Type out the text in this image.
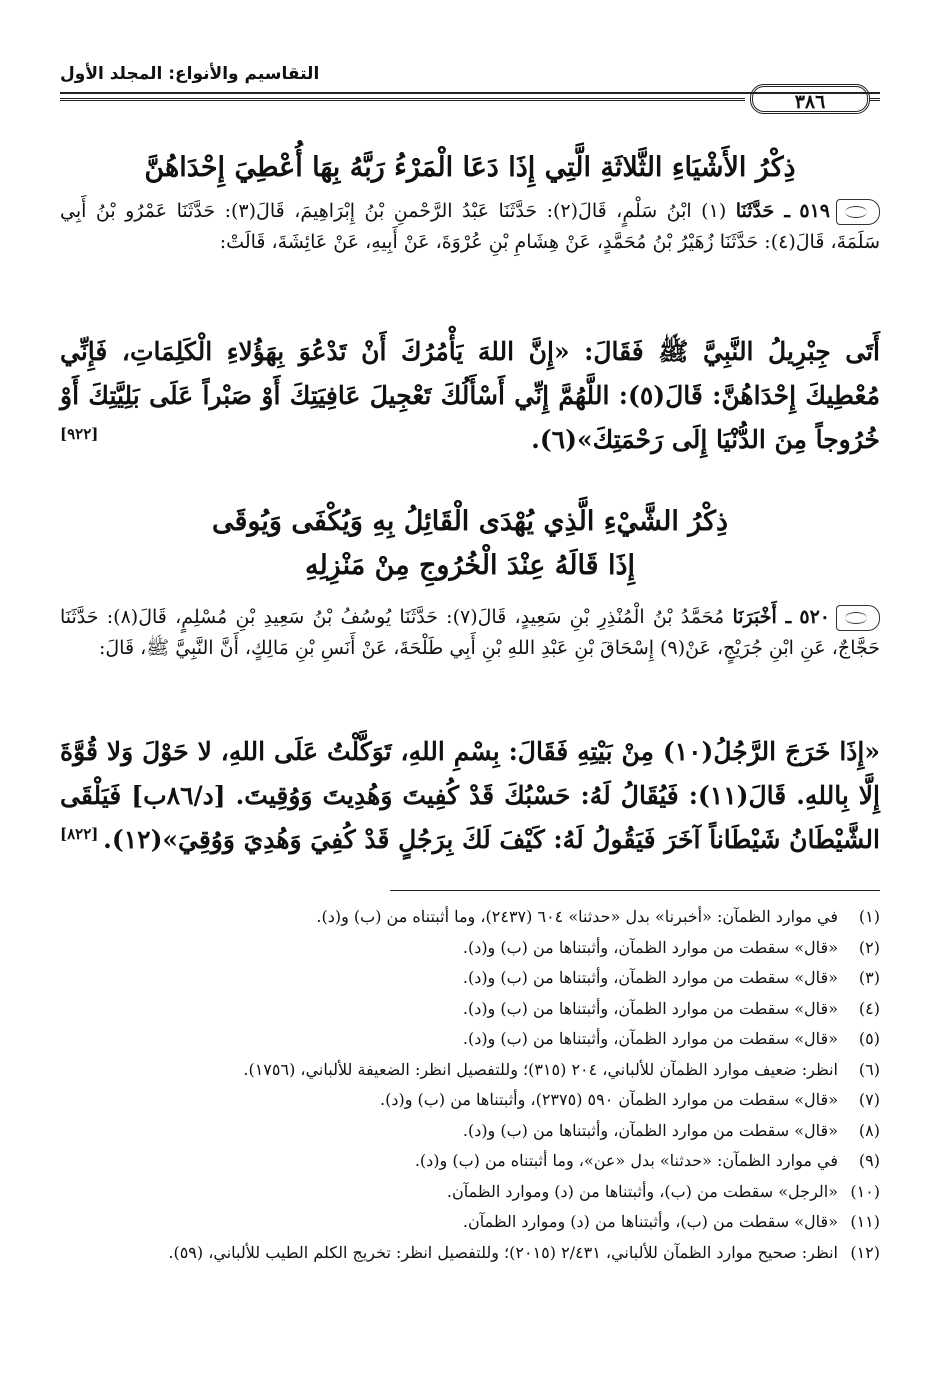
التقاسيم والأنواع: المجلد الأول
٣٨٦
ذِكْرُ الأَشْيَاءِ الثَّلاثَةِ الَّتِي إِذَا دَعَا الْمَرْءُ رَبَّهُ بِهَا أُعْطِيَ إِحْدَاهُنَّ
٥١٩ ـ حَدَّثَنَا (١) ابْنُ سَلْمٍ، قَالَ(٢): حَدَّثَنَا عَبْدُ الرَّحْمنِ بْنُ إِبْرَاهِيمَ، قَالَ(٣): حَدَّثَنَا عَمْرُو بْنُ أَبِي سَلَمَةَ، قَالَ(٤): حَدَّثَنَا زُهَيْرُ بْنُ مُحَمَّدٍ، عَنْ هِشَامِ بْنِ عُرْوَةَ، عَنْ أَبِيهِ، عَنْ عَائِشَةَ، قَالَتْ:
أَتَى جِبْرِيلُ النَّبِيَّ ﷺ فَقَالَ: «إِنَّ اللهَ يَأْمُرُكَ أَنْ تَدْعُوَ بِهَؤُلاءِ الْكَلِمَاتِ، فَإِنِّي مُعْطِيكَ إِحْدَاهُنَّ: قَالَ(٥): اللَّهُمَّ إِنِّي أَسْأَلُكَ تَعْجِيلَ عَافِيَتِكَ أَوْ صَبْراً عَلَى بَلِيَّتِكَ أَوْ خُرُوجاً مِنَ الدُّنْيَا إِلَى رَحْمَتِكَ»(٦).
[٩٢٢]
ذِكْرُ الشَّيْءِ الَّذِي يُهْدَى الْقَائِلُ بِهِ وَيُكْفَى وَيُوقَى
إِذَا قَالَهُ عِنْدَ الْخُرُوجِ مِنْ مَنْزِلِهِ
٥٢٠ ـ أَخْبَرَنَا مُحَمَّدُ بْنُ الْمُنْذِرِ بْنِ سَعِيدٍ، قَالَ(٧): حَدَّثَنَا يُوسُفُ بْنُ سَعِيدِ بْنِ مُسْلِمٍ، قَالَ(٨): حَدَّثَنَا حَجَّاجٌ، عَنِ ابْنِ جُرَيْجٍ، عَنْ(٩) إِسْحَاقَ بْنِ عَبْدِ اللهِ بْنِ أَبِي طَلْحَةَ، عَنْ أَنَسِ بْنِ مَالِكٍ، أَنَّ النَّبِيَّ ﷺ، قَالَ:
«إِذَا خَرَجَ الرَّجُلُ(١٠) مِنْ بَيْتِهِ فَقَالَ: بِسْمِ اللهِ، تَوَكَّلْتُ عَلَى اللهِ، لا حَوْلَ وَلا قُوَّةَ إِلَّا بِاللهِ. قَالَ(١١): فَيُقَالُ لَهُ: حَسْبُكَ قَدْ كُفِيتَ وَهُدِيتَ وَوُقِيتَ. [د/٨٦ب] فَيَلْقَى الشَّيْطَانُ شَيْطَاناً آخَرَ فَيَقُولُ لَهُ: كَيْفَ لَكَ بِرَجُلٍ قَدْ كُفِيَ وَهُدِيَ وَوُقِيَ»(١٢).
[٨٢٢]
(١)في موارد الظمآن: «أخبرنا» بدل «حدثنا» ٦٠٤ (٢٤٣٧)، وما أثبتناه من (ب) و(د).
(٢)«قال» سقطت من موارد الظمآن، وأثبتناها من (ب) و(د).
(٣)«قال» سقطت من موارد الظمآن، وأثبتناها من (ب) و(د).
(٤)«قال» سقطت من موارد الظمآن، وأثبتناها من (ب) و(د).
(٥)«قال» سقطت من موارد الظمآن، وأثبتناها من (ب) و(د).
(٦)انظر: ضعيف موارد الظمآن للألباني، ٢٠٤ (٣١٥)؛ وللتفصيل انظر: الضعيفة للألباني، (١٧٥٦).
(٧)«قال» سقطت من موارد الظمآن ٥٩٠ (٢٣٧٥)، وأثبتناها من (ب) و(د).
(٨)«قال» سقطت من موارد الظمآن، وأثبتناها من (ب) و(د).
(٩)في موارد الظمآن: «حدثنا» بدل «عن»، وما أثبتناه من (ب) و(د).
(١٠)«الرجل» سقطت من (ب)، وأثبتناها من (د) وموارد الظمآن.
(١١)«قال» سقطت من (ب)، وأثبتناها من (د) وموارد الظمآن.
(١٢)انظر: صحيح موارد الظمآن للألباني، ٢/٤٣١ (٢٠١٥)؛ وللتفصيل انظر: تخريج الكلم الطيب للألباني، (٥٩).
